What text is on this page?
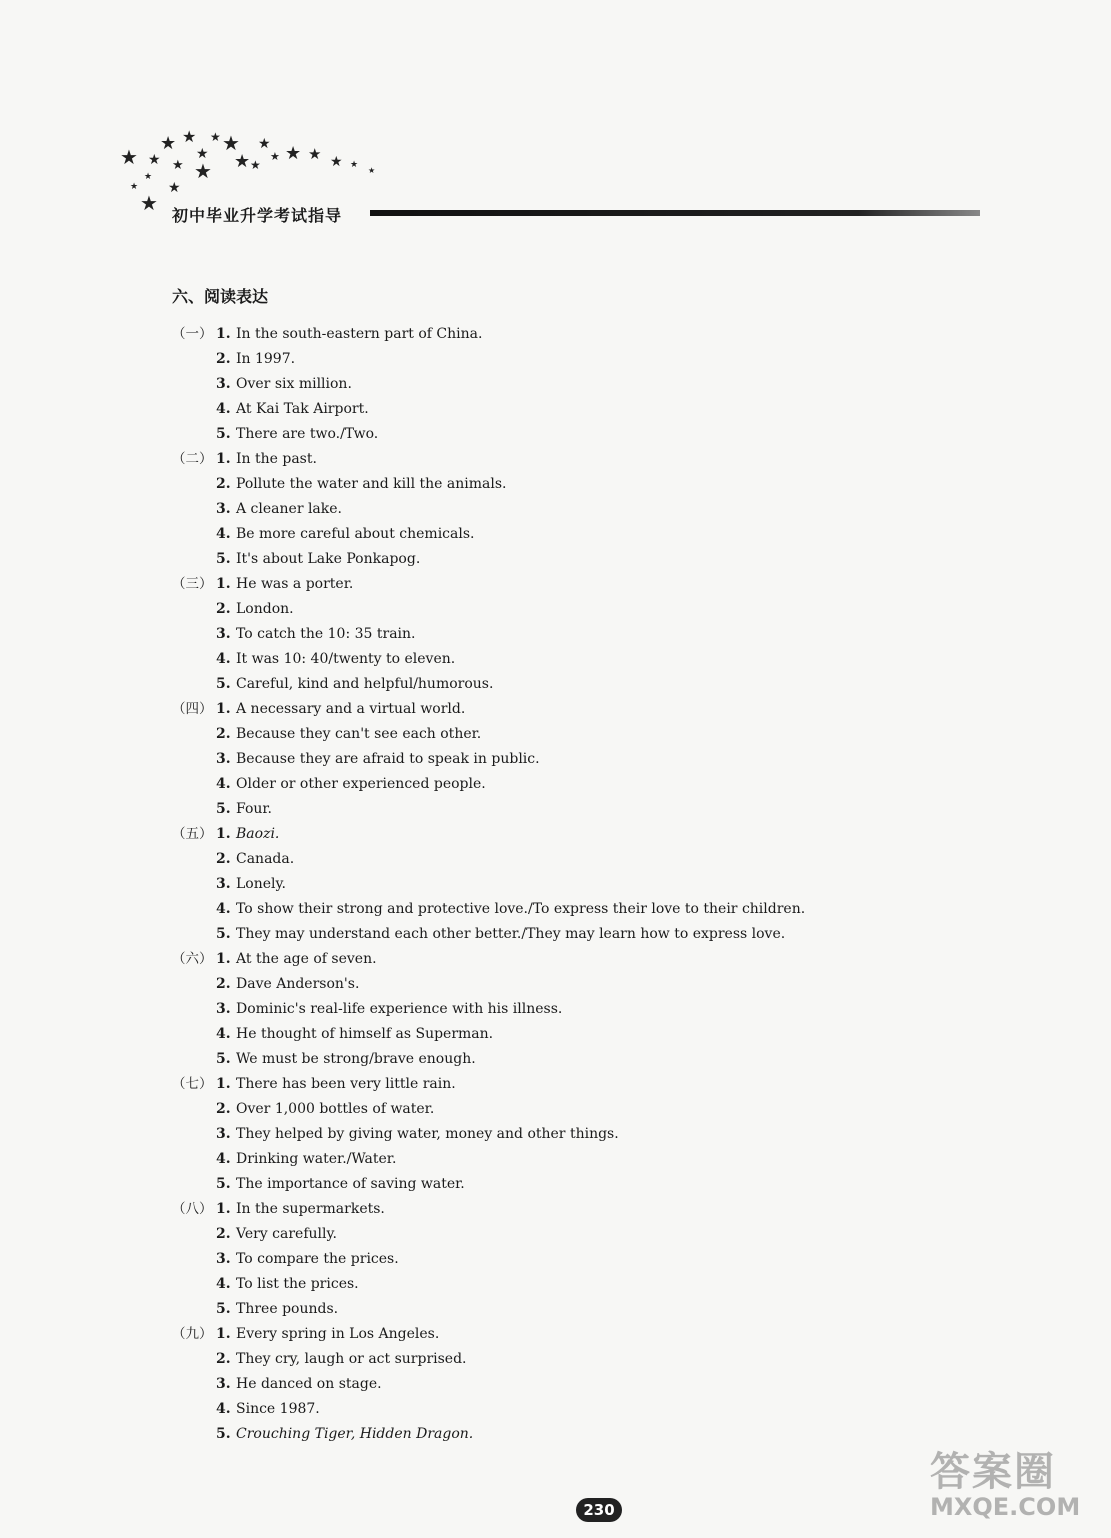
★ ★
★ ★
★
★
★ ★
★ ★
★
★
★ ★ ★ ★ ★
★
★
★ ★
★
初中毕业升学考试指导
六、阅读表达
（一） 1. In the south-eastern part of China.
2. In 1997.
3. Over six million.
4. At Kai Tak Airport.
5. There are two./Two.
（二） 1. In the past.
2. Pollute the water and kill the animals.
3. A cleaner lake.
4. Be more careful about chemicals.
5. It's about Lake Ponkapog.
（三） 1. He was a porter.
2. London.
3. To catch the 10: 35 train.
4. It was 10: 40/twenty to eleven.
5. Careful, kind and helpful/humorous.
（四） 1. A necessary and a virtual world.
2. Because they can't see each other.
3. Because they are afraid to speak in public.
4. Older or other experienced people.
5. Four.
（五） 1. Baozi.
2. Canada.
3. Lonely.
4. To show their strong and protective love./To express their love to their children.
5. They may understand each other better./They may learn how to express love.
（六） 1. At the age of seven.
2. Dave Anderson's.
3. Dominic's real-life experience with his illness.
4. He thought of himself as Superman.
5. We must be strong/brave enough.
（七） 1. There has been very little rain.
2. Over 1,000 bottles of water.
3. They helped by giving water, money and other things.
4. Drinking water./Water.
5. The importance of saving water.
（八） 1. In the supermarkets.
2. Very carefully.
3. To compare the prices.
4. To list the prices.
5. Three pounds.
（九） 1. Every spring in Los Angeles.
2. They cry, laugh or act surprised.
3. He danced on stage.
4. Since 1987.
5. Crouching Tiger, Hidden Dragon.
230
答案圈
MXQE.COM
